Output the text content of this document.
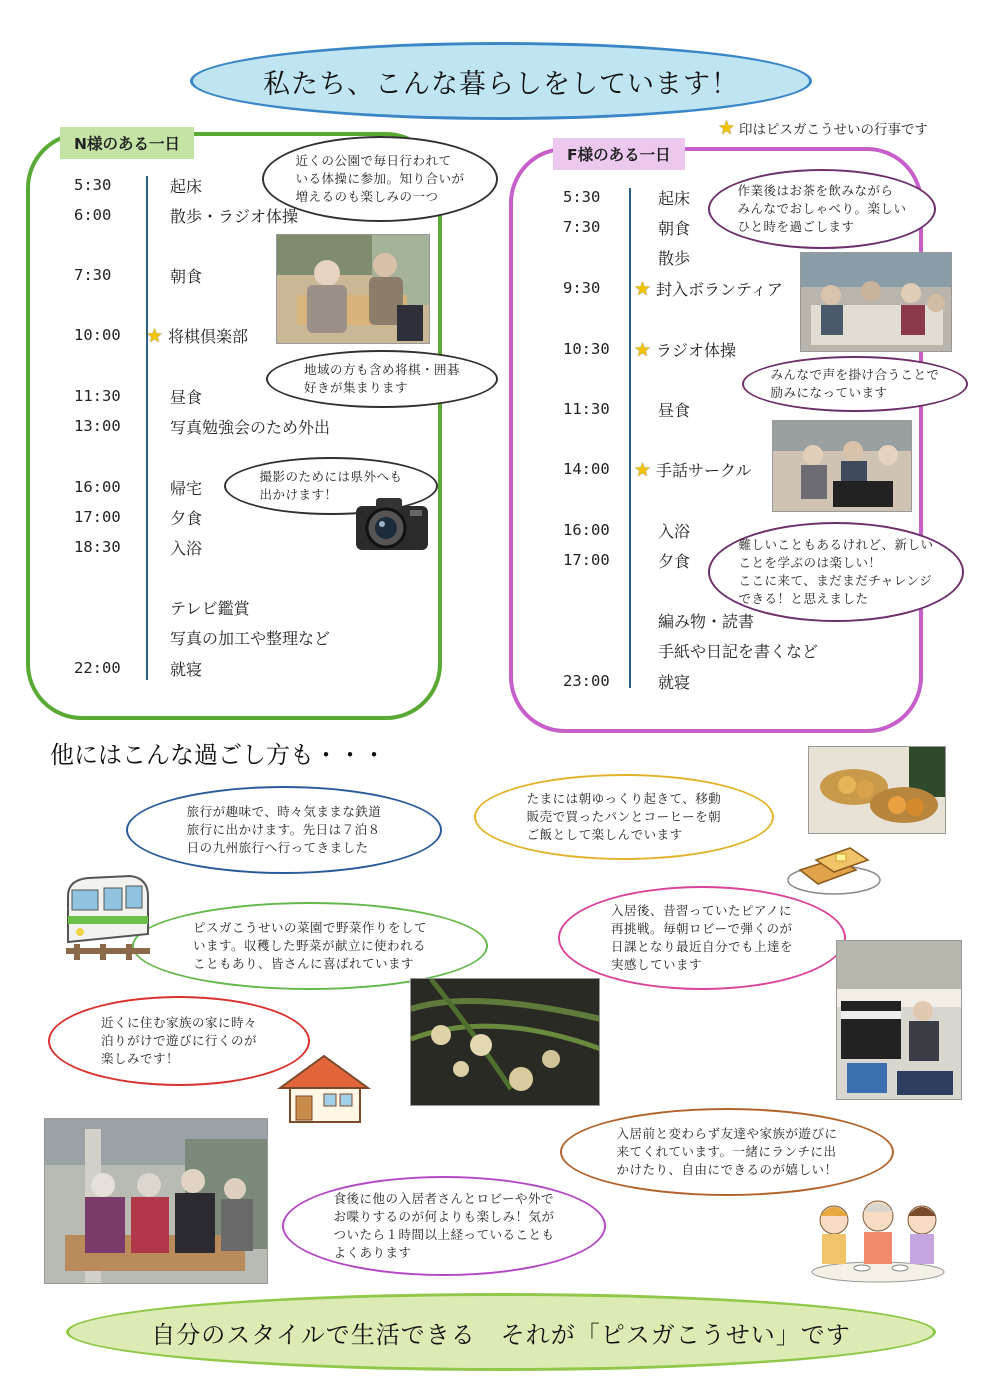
私たち、こんな暮らしをしています！
★ 印はピスガこうせいの行事です
N様のある一日
5:30	起床
6:00	散歩・ラジオ体操
7:30	朝食
10:00 ★ 将棋倶楽部
11:30	昼食
13:00	写真勉強会のため外出
16:00	帰宅
17:00	夕食
18:30	入浴
テレビ鑑賞
写真の加工や整理など
22:00	就寝
近くの公園で毎日行われて
いる体操に参加。知り合いが
増えるのも楽しみの一つ
地域の方も含め将棋・囲碁
好きが集まります
撮影のためには県外へも
出かけます！
F様のある一日
5:30	起床
7:30	朝食
散歩
9:30 ★ 封入ボランティア
10:30 ★ ラジオ体操
11:30	昼食
14:00 ★ 手話サークル
16:00	入浴
17:00	夕食
編み物・読書
手紙や日記を書くなど
23:00	就寝
作業後はお茶を飲みながら
みんなでおしゃべり。楽しい
ひと時を過ごします
みんなで声を掛け合うことで
励みになっています
難しいこともあるけれど、新しい
ことを学ぶのは楽しい！
ここに来て、まだまだチャレンジ
できる！と思えました
他にはこんな過ごし方も・・・
旅行が趣味で、時々気ままな鉄道
旅行に出かけます。先日は７泊８
日の九州旅行へ行ってきました
たまには朝ゆっくり起きて、移動
販売で買ったパンとコーヒーを朝
ご飯として楽しんでいます
ピスガこうせいの菜園で野菜作りをして
います。収穫した野菜が献立に使われる
こともあり、皆さんに喜ばれています
入居後、昔習っていたピアノに
再挑戦。毎朝ロビーで弾くのが
日課となり最近自分でも上達を
実感しています
近くに住む家族の家に時々
泊りがけで遊びに行くのが
楽しみです！
入居前と変わらず友達や家族が遊びに
来てくれています。一緒にランチに出
かけたり、自由にできるのが嬉しい！
食後に他の入居者さんとロビーや外で
お喋りするのが何よりも楽しみ！気が
ついたら１時間以上経っていることも
よくあります
自分のスタイルで生活できる　それが「ピスガこうせい」です
